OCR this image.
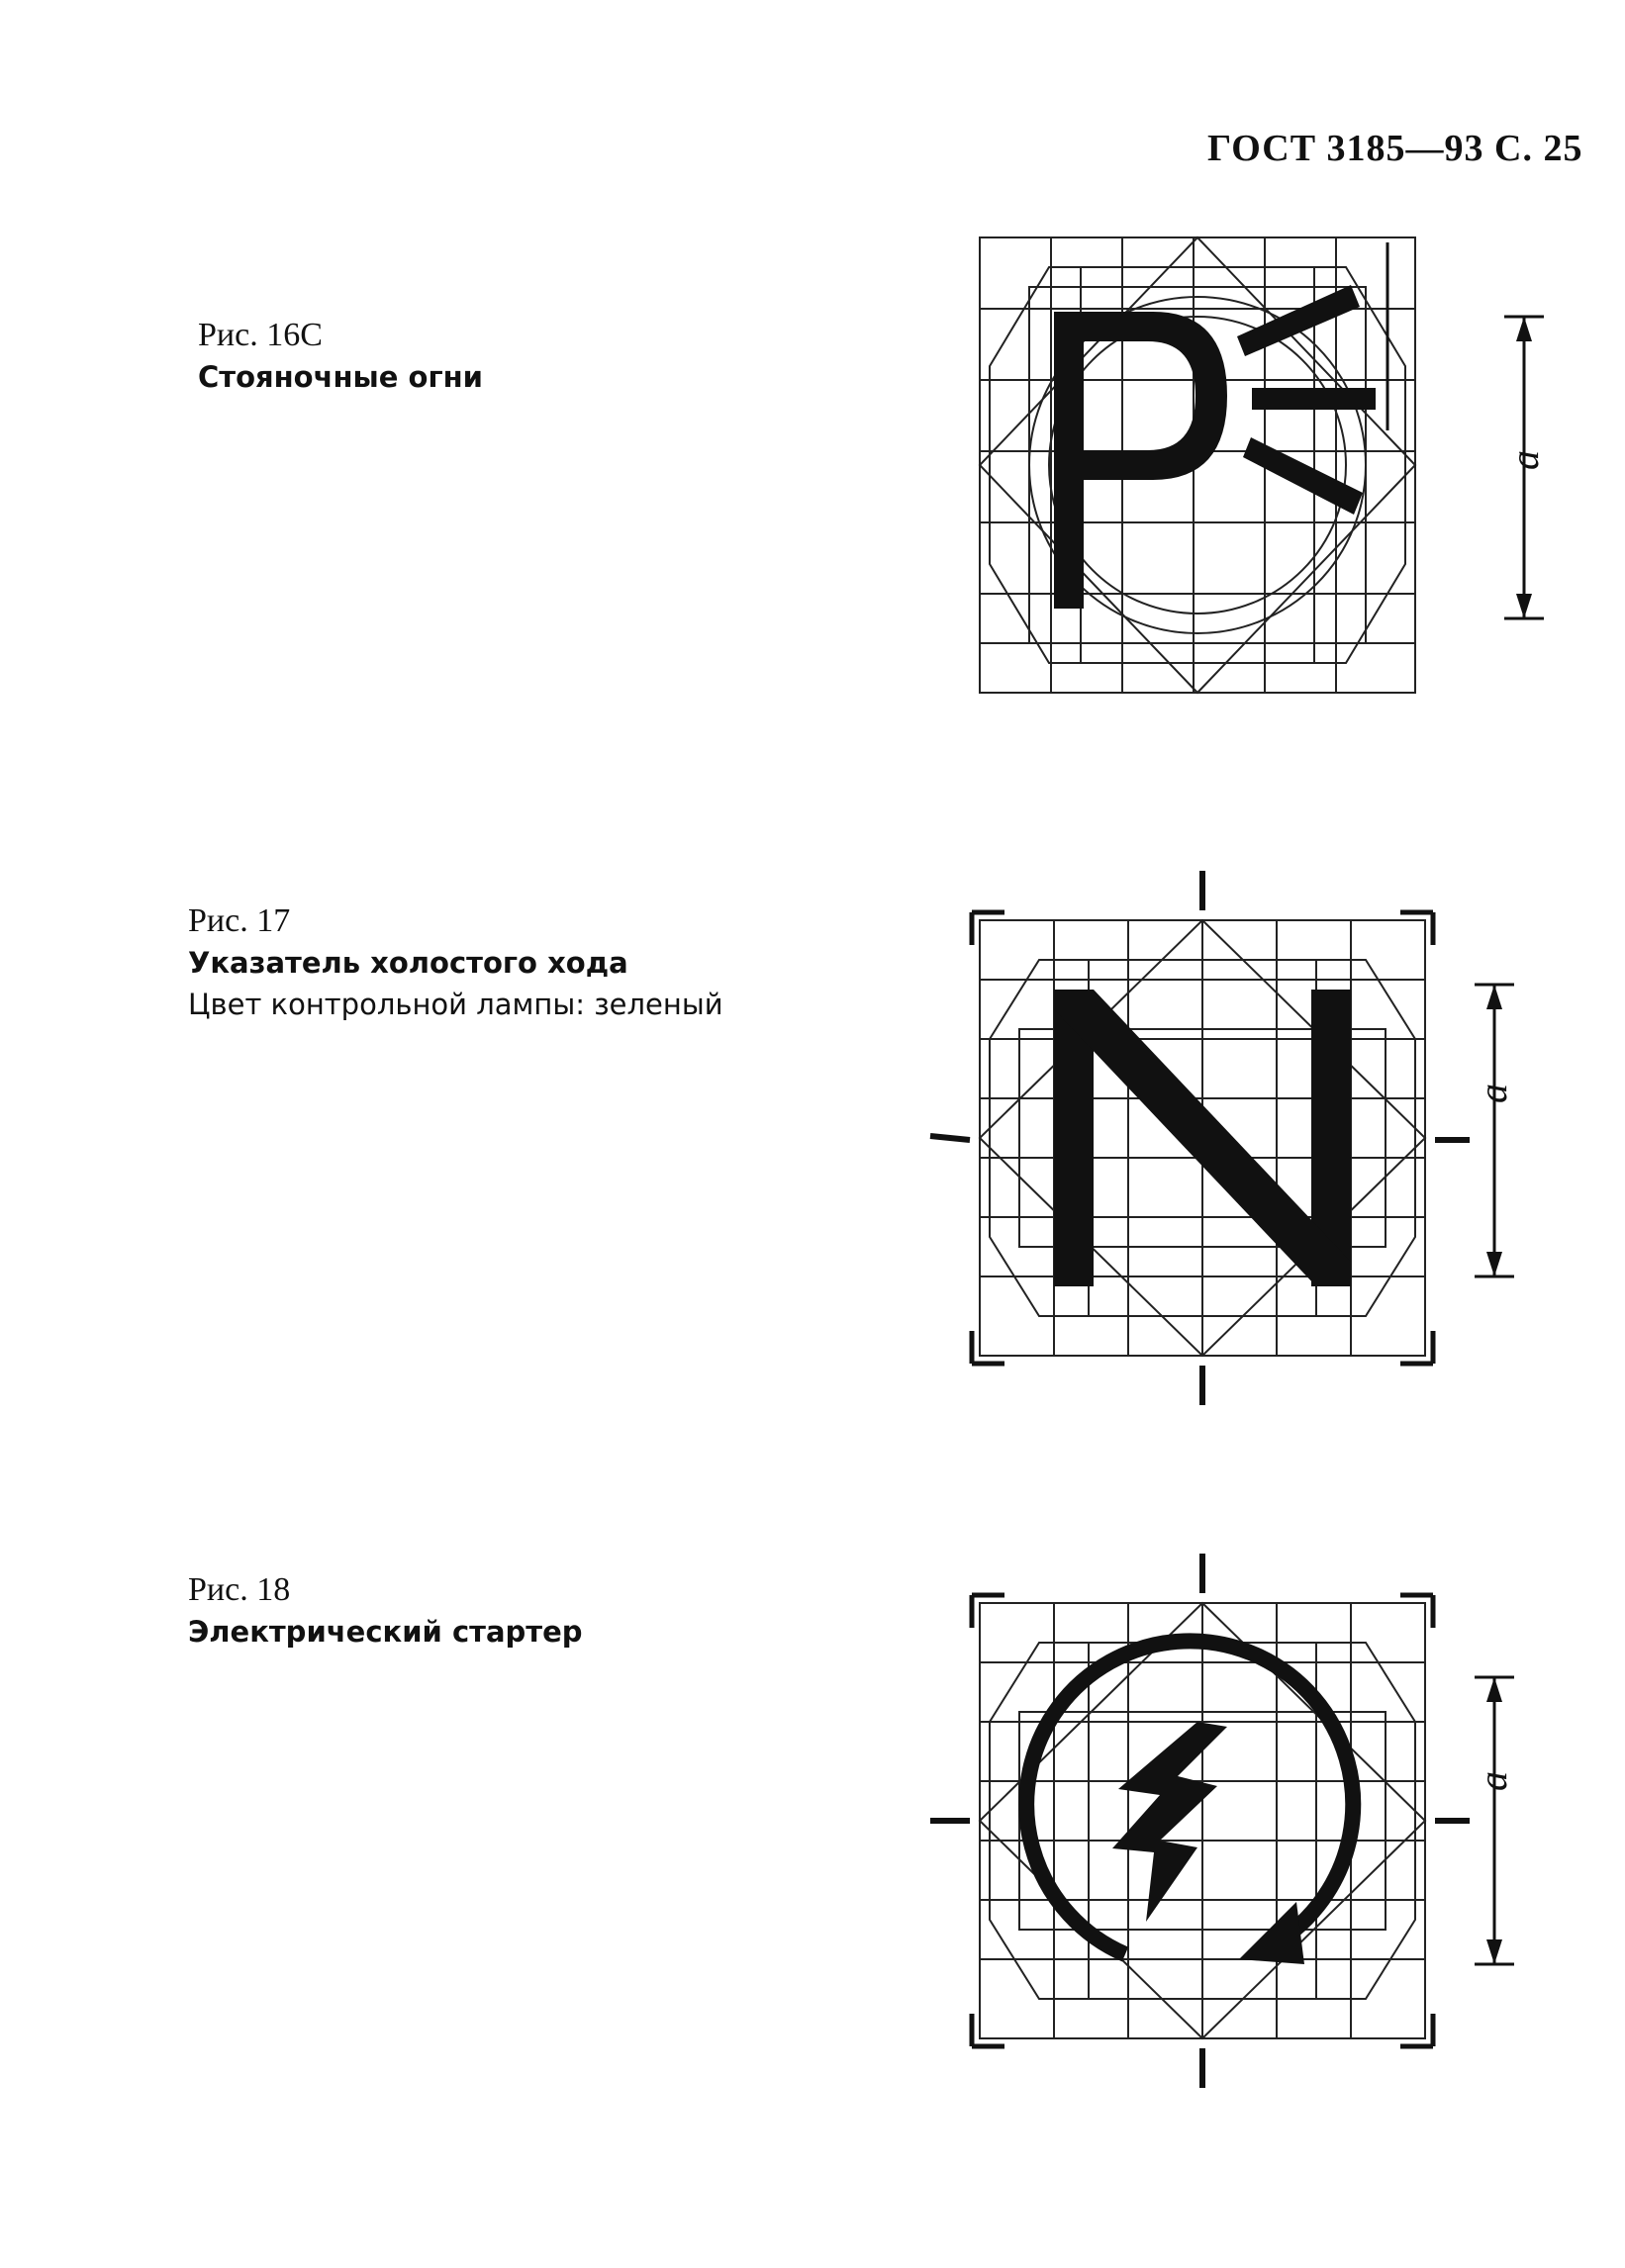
ГОСТ 3185—93 С. 25
Рис. 16С
Стояночные огни
Рис. 17
Указатель холостого хода
Цвет контрольной лампы: зеленый
Рис. 18
Электрический стартер
a
a
a
